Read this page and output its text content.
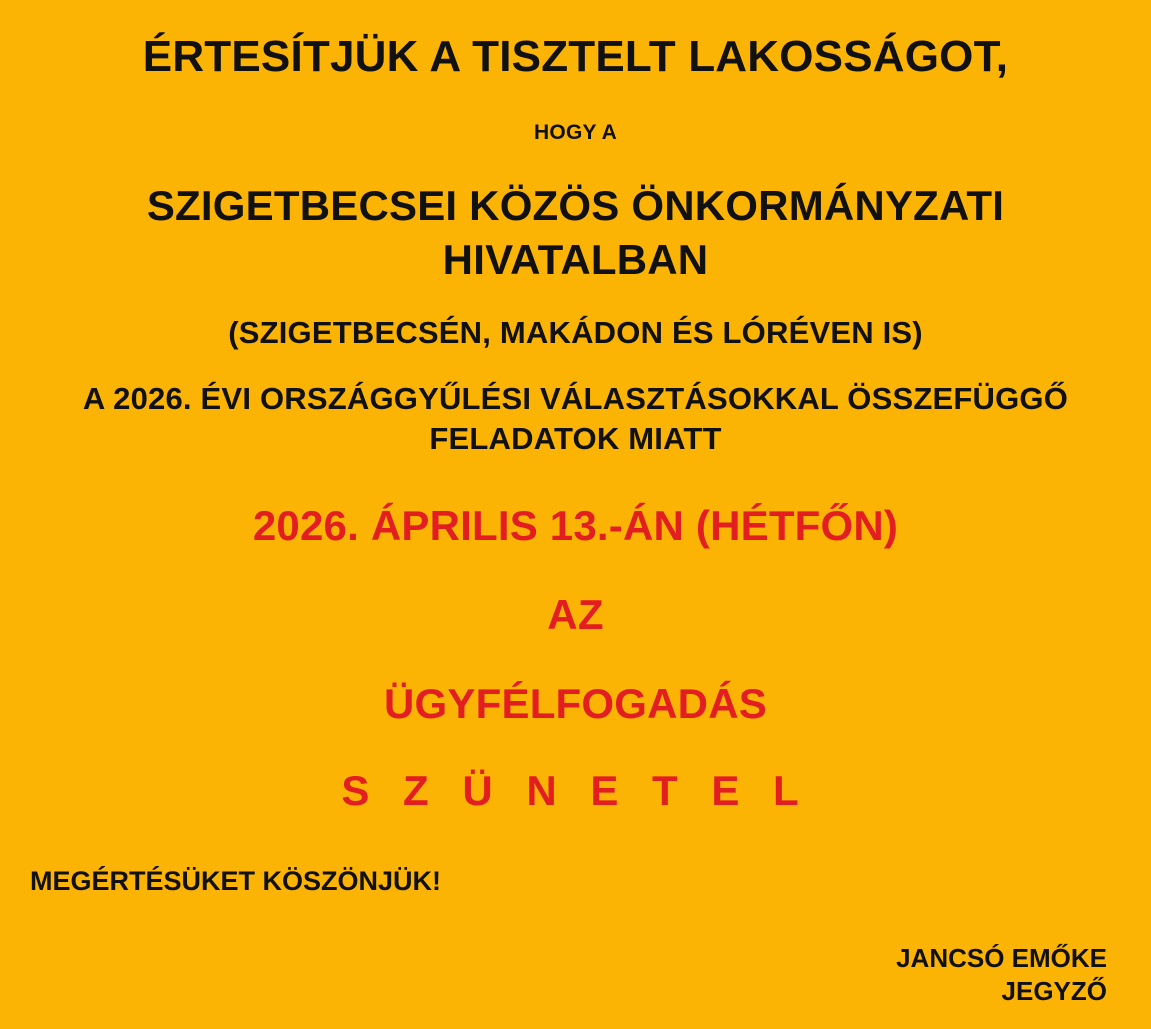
ÉRTESÍTJÜK A TISZTELT LAKOSSÁGOT,
HOGY A
SZIGETBECSEI KÖZÖS ÖNKORMÁNYZATI HIVATALBAN
(SZIGETBECSÉN, MAKÁDON ÉS LÓRÉVEN IS)
A 2026. ÉVI ORSZÁGGYŰLÉSI VÁLASZTÁSOKKAL ÖSSZEFÜGGŐ FELADATOK MIATT
2026. ÁPRILIS 13.-ÁN (HÉTFŐN)
AZ
ÜGYFÉLFOGADÁS
S Z Ü N E T E L
MEGÉRTÉSÜKET KÖSZÖNJÜK!
JANCSÓ EMŐKE
JEGYZŐ
